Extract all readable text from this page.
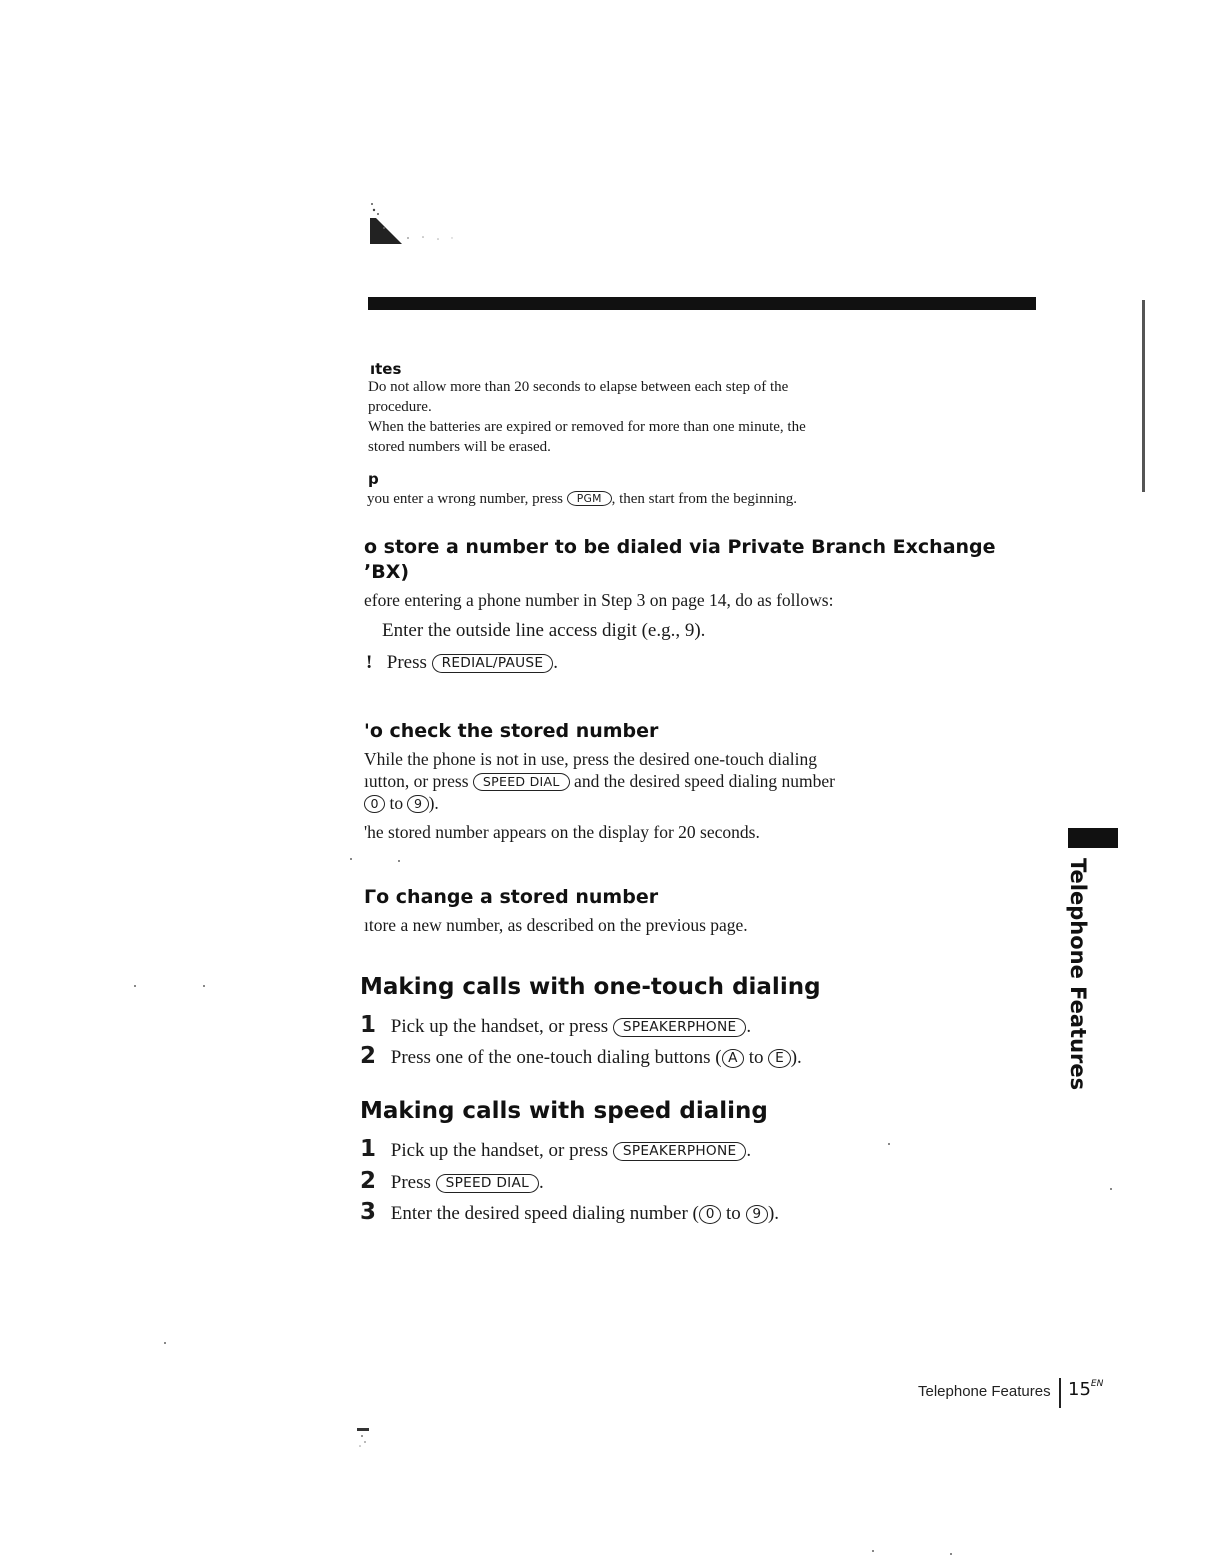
ıtes
Do not allow more than 20 seconds to elapse between each step of the
procedure.
When the batteries are expired or removed for more than one minute, the
stored numbers will be erased.
p
you enter a wrong number, press PGM , then start from the beginning.
o store a number to be dialed via Private Branch Exchange
ʼBX)
efore entering a phone number in Step 3 on page 14, do as follows:
Enter the outside line access digit (e.g., 9).
! Press REDIAL/PAUSE .
'o check the stored number
Vhile the phone is not in use, press the desired one-touch dialing
ıutton, or press SPEED DIAL and the desired speed dialing number
0 to 9 ).
'he stored number appears on the display for 20 seconds.
Гo change a stored number
ıtore a new number, as described on the previous page.
Making calls with one-touch dialing
1 Pick up the handset, or press SPEAKERPHONE .
2 Press one of the one-touch dialing buttons ( A to E ).
Making calls with speed dialing
1 Pick up the handset, or press SPEAKERPHONE .
2 Press SPEED DIAL .
3 Enter the desired speed dialing number ( 0 to 9 ).
Telephone Features
Telephone Features $15^{EN}$
